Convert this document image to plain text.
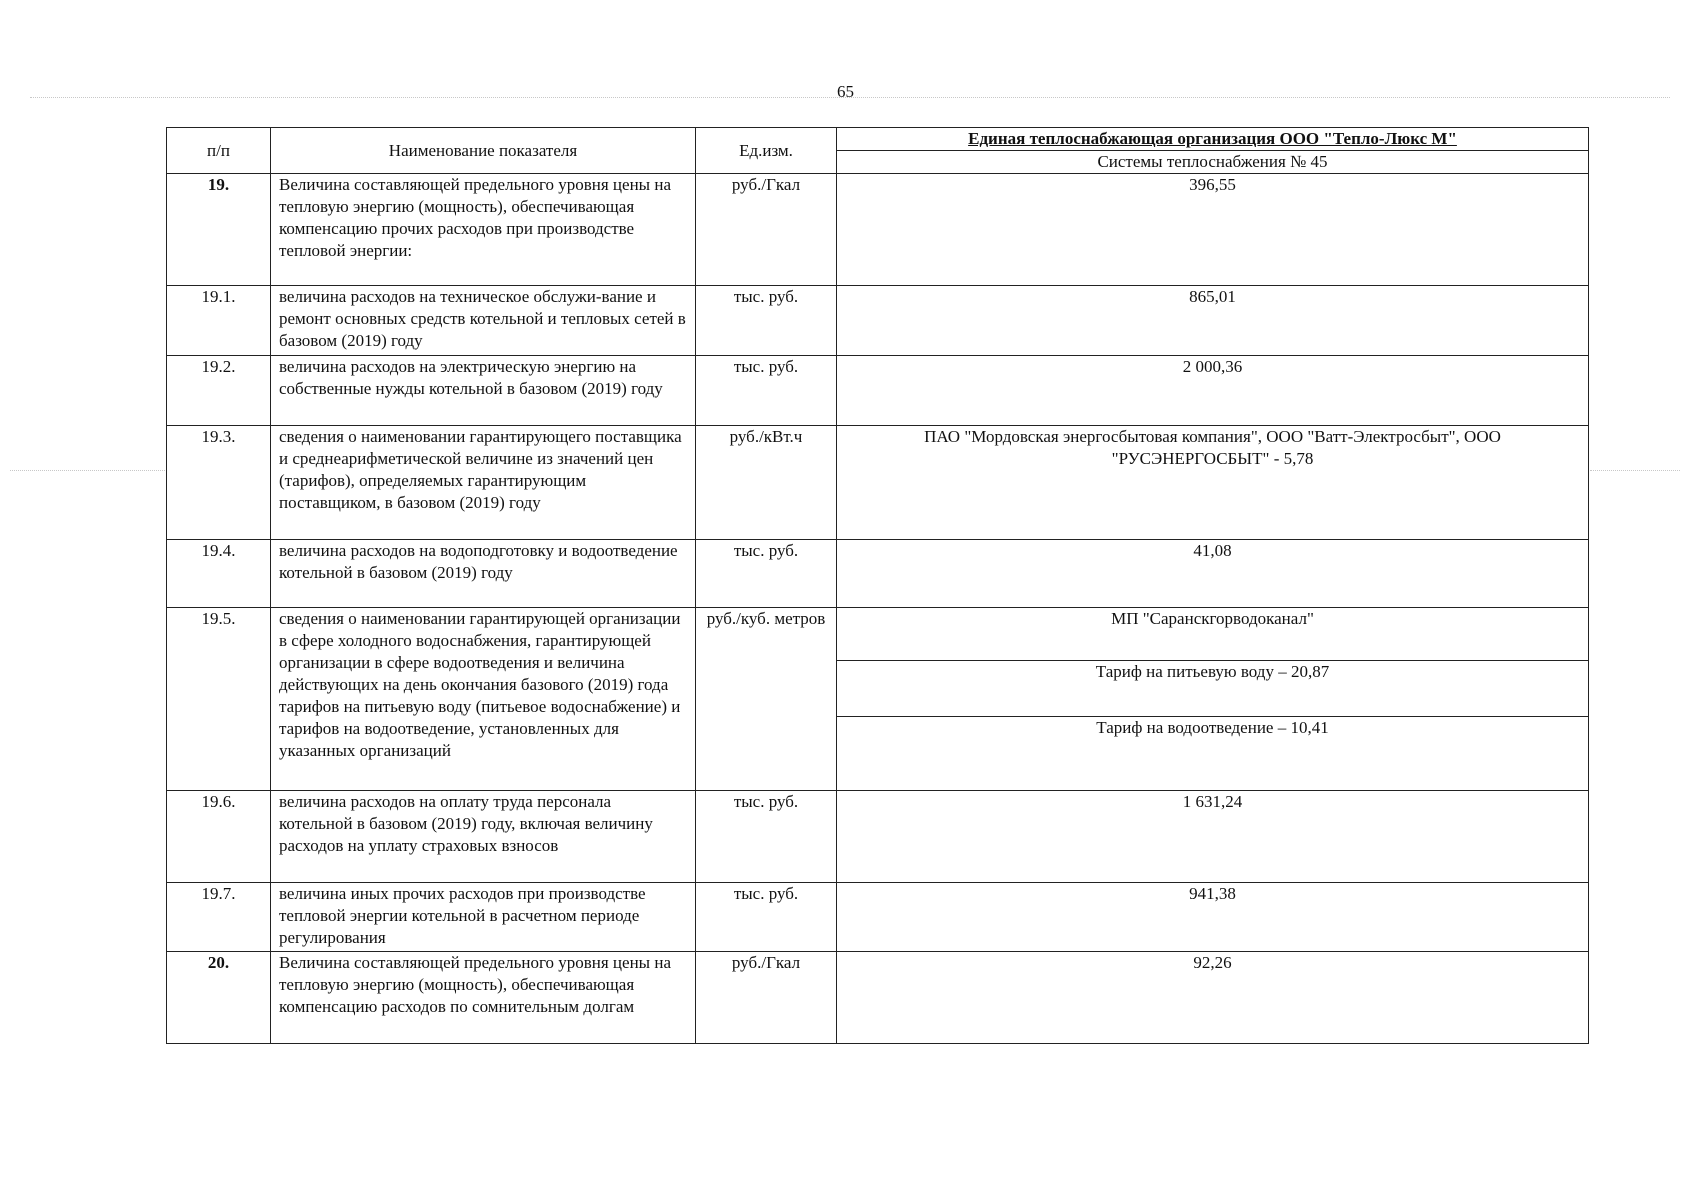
65
п/п	Наименование показателя	Ед.изм.	Единая теплоснабжающая организация ООО "Тепло-Люкс М"
			Системы теплоснабжения № 45
19.	Величина составляющей предельного уровня цены на тепловую энергию (мощность), обеспечивающая компенсацию прочих расходов при производстве тепловой энергии:	руб./Гкал	396,55
19.1.	величина расходов на техническое обслужи-вание и ремонт основных средств котельной и тепловых сетей в базовом (2019) году	тыс. руб.	865,01
19.2.	величина расходов на электрическую энергию на собственные нужды котельной в базовом (2019) году	тыс. руб.	2 000,36
19.3.	сведения о наименовании гарантирующего поставщика и среднеарифметической величине из значений цен (тарифов), определяемых гарантирующим поставщиком, в базовом (2019) году	руб./кВт.ч	ПАО "Мордовская энергосбытовая компания", ООО "Ватт-Электросбыт", ООО "РУСЭНЕРГОСБЫТ" - 5,78
19.4.	величина расходов на водоподготовку и водоотведение котельной в базовом (2019) году	тыс. руб.	41,08
19.5.	сведения о наименовании гарантирующей организации в сфере холодного водоснабжения, гарантирующей организации в сфере водоотведения и величина действующих на день окончания базового (2019) года тарифов на питьевую воду (питьевое водоснабжение) и тарифов на водоотведение, установленных для указанных организаций	руб./куб. метров	МП "Саранскгорводоканал"
			Тариф на питьевую воду – 20,87
			Тариф на водоотведение – 10,41
19.6.	величина расходов на оплату труда персонала котельной в базовом (2019) году, включая величину расходов на уплату страховых взносов	тыс. руб.	1 631,24
19.7.	величина иных прочих расходов при производстве тепловой энергии котельной в расчетном периоде регулирования	тыс. руб.	941,38
20.	Величина составляющей предельного уровня цены на тепловую энергию (мощность), обеспечивающая компенсацию расходов по сомнительным долгам	руб./Гкал	92,26
